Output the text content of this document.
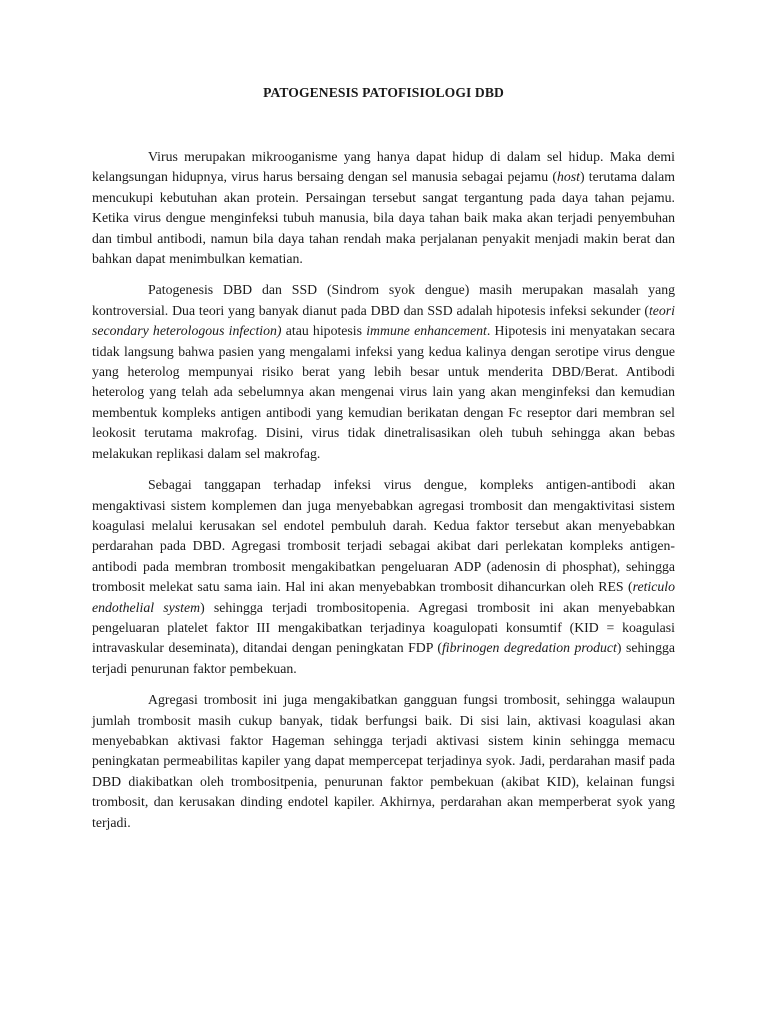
PATOGENESIS PATOFISIOLOGI DBD

Virus merupakan mikrooganisme yang hanya dapat hidup di dalam sel hidup. Maka demi kelangsungan hidupnya, virus harus bersaing dengan sel manusia sebagai pejamu (host) terutama dalam mencukupi kebutuhan akan protein. Persaingan tersebut sangat tergantung pada daya tahan pejamu. Ketika virus dengue menginfeksi tubuh manusia, bila daya tahan baik maka akan terjadi penyembuhan dan timbul antibodi, namun bila daya tahan rendah maka perjalanan penyakit menjadi makin berat dan bahkan dapat menimbulkan kematian.

Patogenesis DBD dan SSD (Sindrom syok dengue) masih merupakan masalah yang kontroversial. Dua teori yang banyak dianut pada DBD dan SSD adalah hipotesis infeksi sekunder (teori secondary heterologous infection) atau hipotesis immune enhancement. Hipotesis ini menyatakan secara tidak langsung bahwa pasien yang mengalami infeksi yang kedua kalinya dengan serotipe virus dengue yang heterolog mempunyai risiko berat yang lebih besar untuk menderita DBD/Berat. Antibodi heterolog yang telah ada sebelumnya akan mengenai virus lain yang akan menginfeksi dan kemudian membentuk kompleks antigen antibodi yang kemudian berikatan dengan Fc reseptor dari membran sel leokosit terutama makrofag. Disini, virus tidak dinetralisasikan oleh tubuh sehingga akan bebas melakukan replikasi dalam sel makrofag.

Sebagai tanggapan terhadap infeksi virus dengue, kompleks antigen-antibodi akan mengaktivasi sistem komplemen dan juga menyebabkan agregasi trombosit dan mengaktivitasi sistem koagulasi melalui kerusakan sel endotel pembuluh darah. Kedua faktor tersebut akan menyebabkan perdarahan pada DBD. Agregasi trombosit terjadi sebagai akibat dari perlekatan kompleks antigen-antibodi pada membran trombosit mengakibatkan pengeluaran ADP (adenosin di phosphat), sehingga trombosit melekat satu sama iain. Hal ini akan menyebabkan trombosit dihancurkan oleh RES (reticulo endothelial system) sehingga terjadi trombositopenia. Agregasi trombosit ini akan menyebabkan pengeluaran platelet faktor III mengakibatkan terjadinya koagulopati konsumtif (KID = koagulasi intravaskular deseminata), ditandai dengan peningkatan FDP (fibrinogen degredation product) sehingga terjadi penurunan faktor pembekuan.

Agregasi trombosit ini juga mengakibatkan gangguan fungsi trombosit, sehingga walaupun jumlah trombosit masih cukup banyak, tidak berfungsi baik. Di sisi lain, aktivasi koagulasi akan menyebabkan aktivasi faktor Hageman sehingga terjadi aktivasi sistem kinin sehingga memacu peningkatan permeabilitas kapiler yang dapat mempercepat terjadinya syok. Jadi, perdarahan masif pada DBD diakibatkan oleh trombositpenia, penurunan faktor pembekuan (akibat KID), kelainan fungsi trombosit, dan kerusakan dinding endotel kapiler. Akhirnya, perdarahan akan memperberat syok yang terjadi.
